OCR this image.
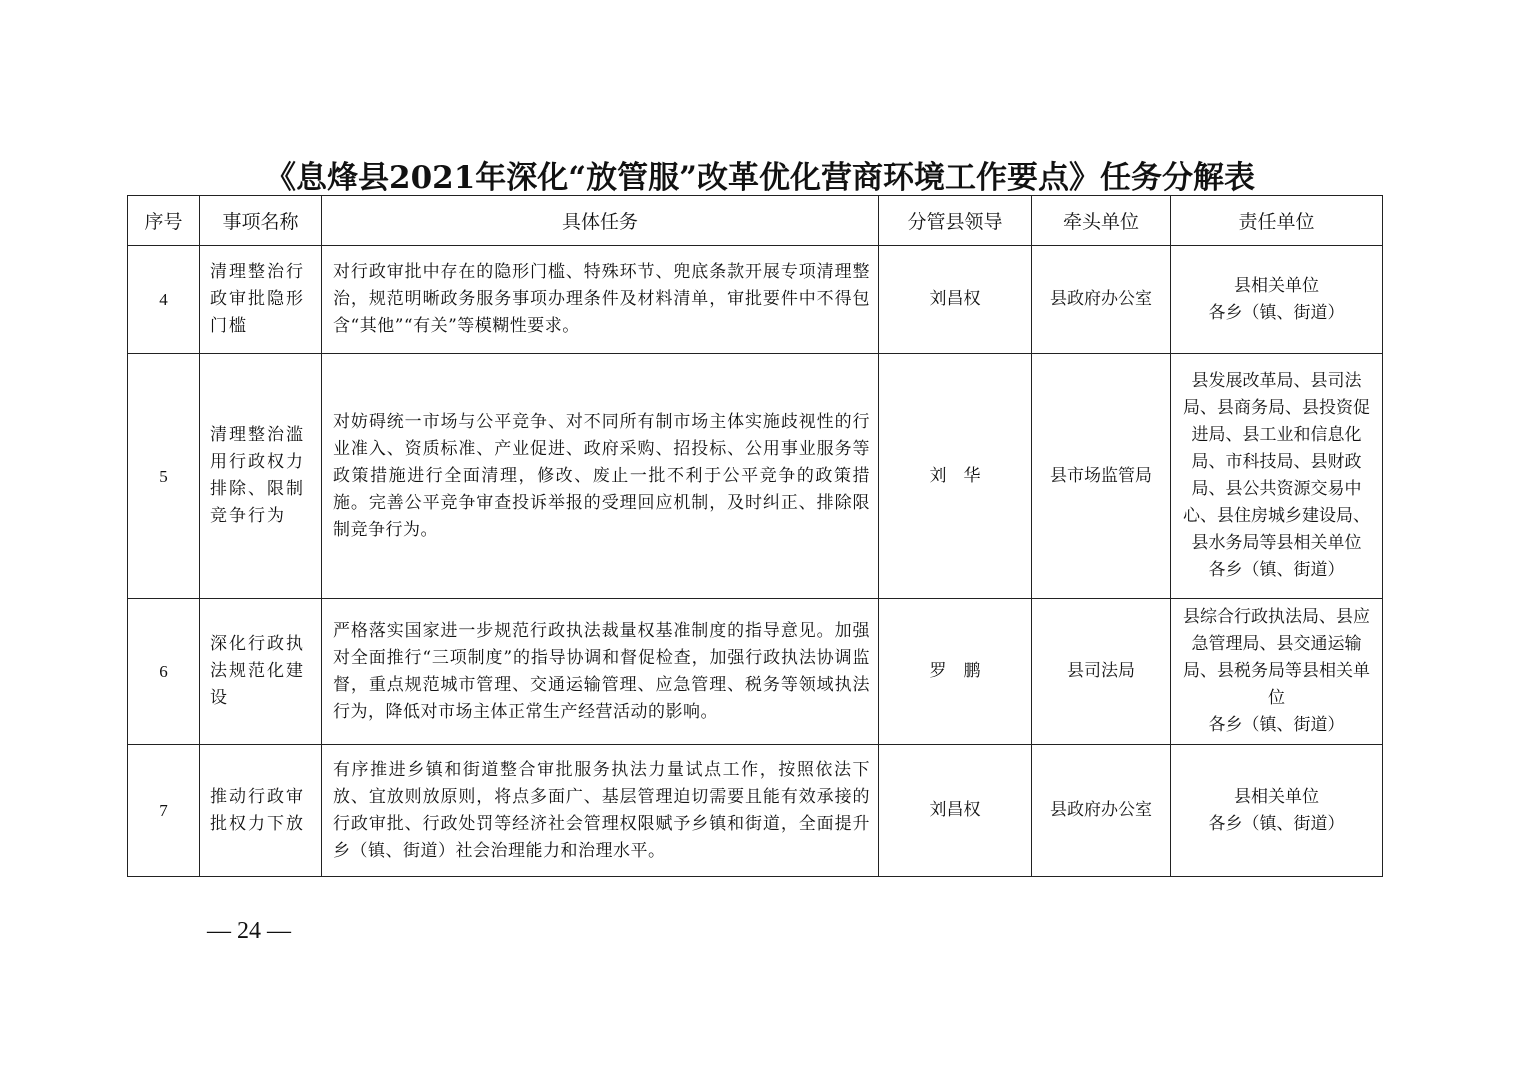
《息烽县2021年深化“放管服”改革优化营商环境工作要点》任务分解表
序号	事项名称	具体任务	分管县领导	牵头单位	责任单位
4	清理整治行政审批隐形门槛	对行政审批中存在的隐形门槛、特殊环节、兜底条款开展专项清理整治，规范明晰政务服务事项办理条件及材料清单，审批要件中不得包含“其他”“有关”等模糊性要求。	刘昌权	县政府办公室	县相关单位
各乡（镇、街道）

5	清理整治滥用行政权力排除、限制竞争行为	对妨碍统一市场与公平竞争、对不同所有制市场主体实施歧视性的行业准入、资质标准、产业促进、政府采购、招投标、公用事业服务等政策措施进行全面清理，修改、废止一批不利于公平竞争的政策措施。完善公平竞争审查投诉举报的受理回应机制，及时纠正、排除限制竞争行为。	刘　华	县市场监管局	县发展改革局、县司法局、县商务局、县投资促进局、县工业和信息化局、市科技局、县财政局、县公共资源交易中心、县住房城乡建设局、县水务局等县相关单位
各乡（镇、街道）

6	深化行政执法规范化建设	严格落实国家进一步规范行政执法裁量权基准制度的指导意见。加强对全面推行“三项制度”的指导协调和督促检查，加强行政执法协调监督，重点规范城市管理、交通运输管理、应急管理、税务等领域执法行为，降低对市场主体正常生产经营活动的影响。	罗　鹏	县司法局	县综合行政执法局、县应急管理局、县交通运输局、县税务局等县相关单位
各乡（镇、街道）

7	推动行政审批权力下放	有序推进乡镇和街道整合审批服务执法力量试点工作，按照依法下放、宜放则放原则，将点多面广、基层管理迫切需要且能有效承接的行政审批、行政处罚等经济社会管理权限赋予乡镇和街道，全面提升乡（镇、街道）社会治理能力和治理水平。	刘昌权	县政府办公室	县相关单位
各乡（镇、街道）
— 24 —
